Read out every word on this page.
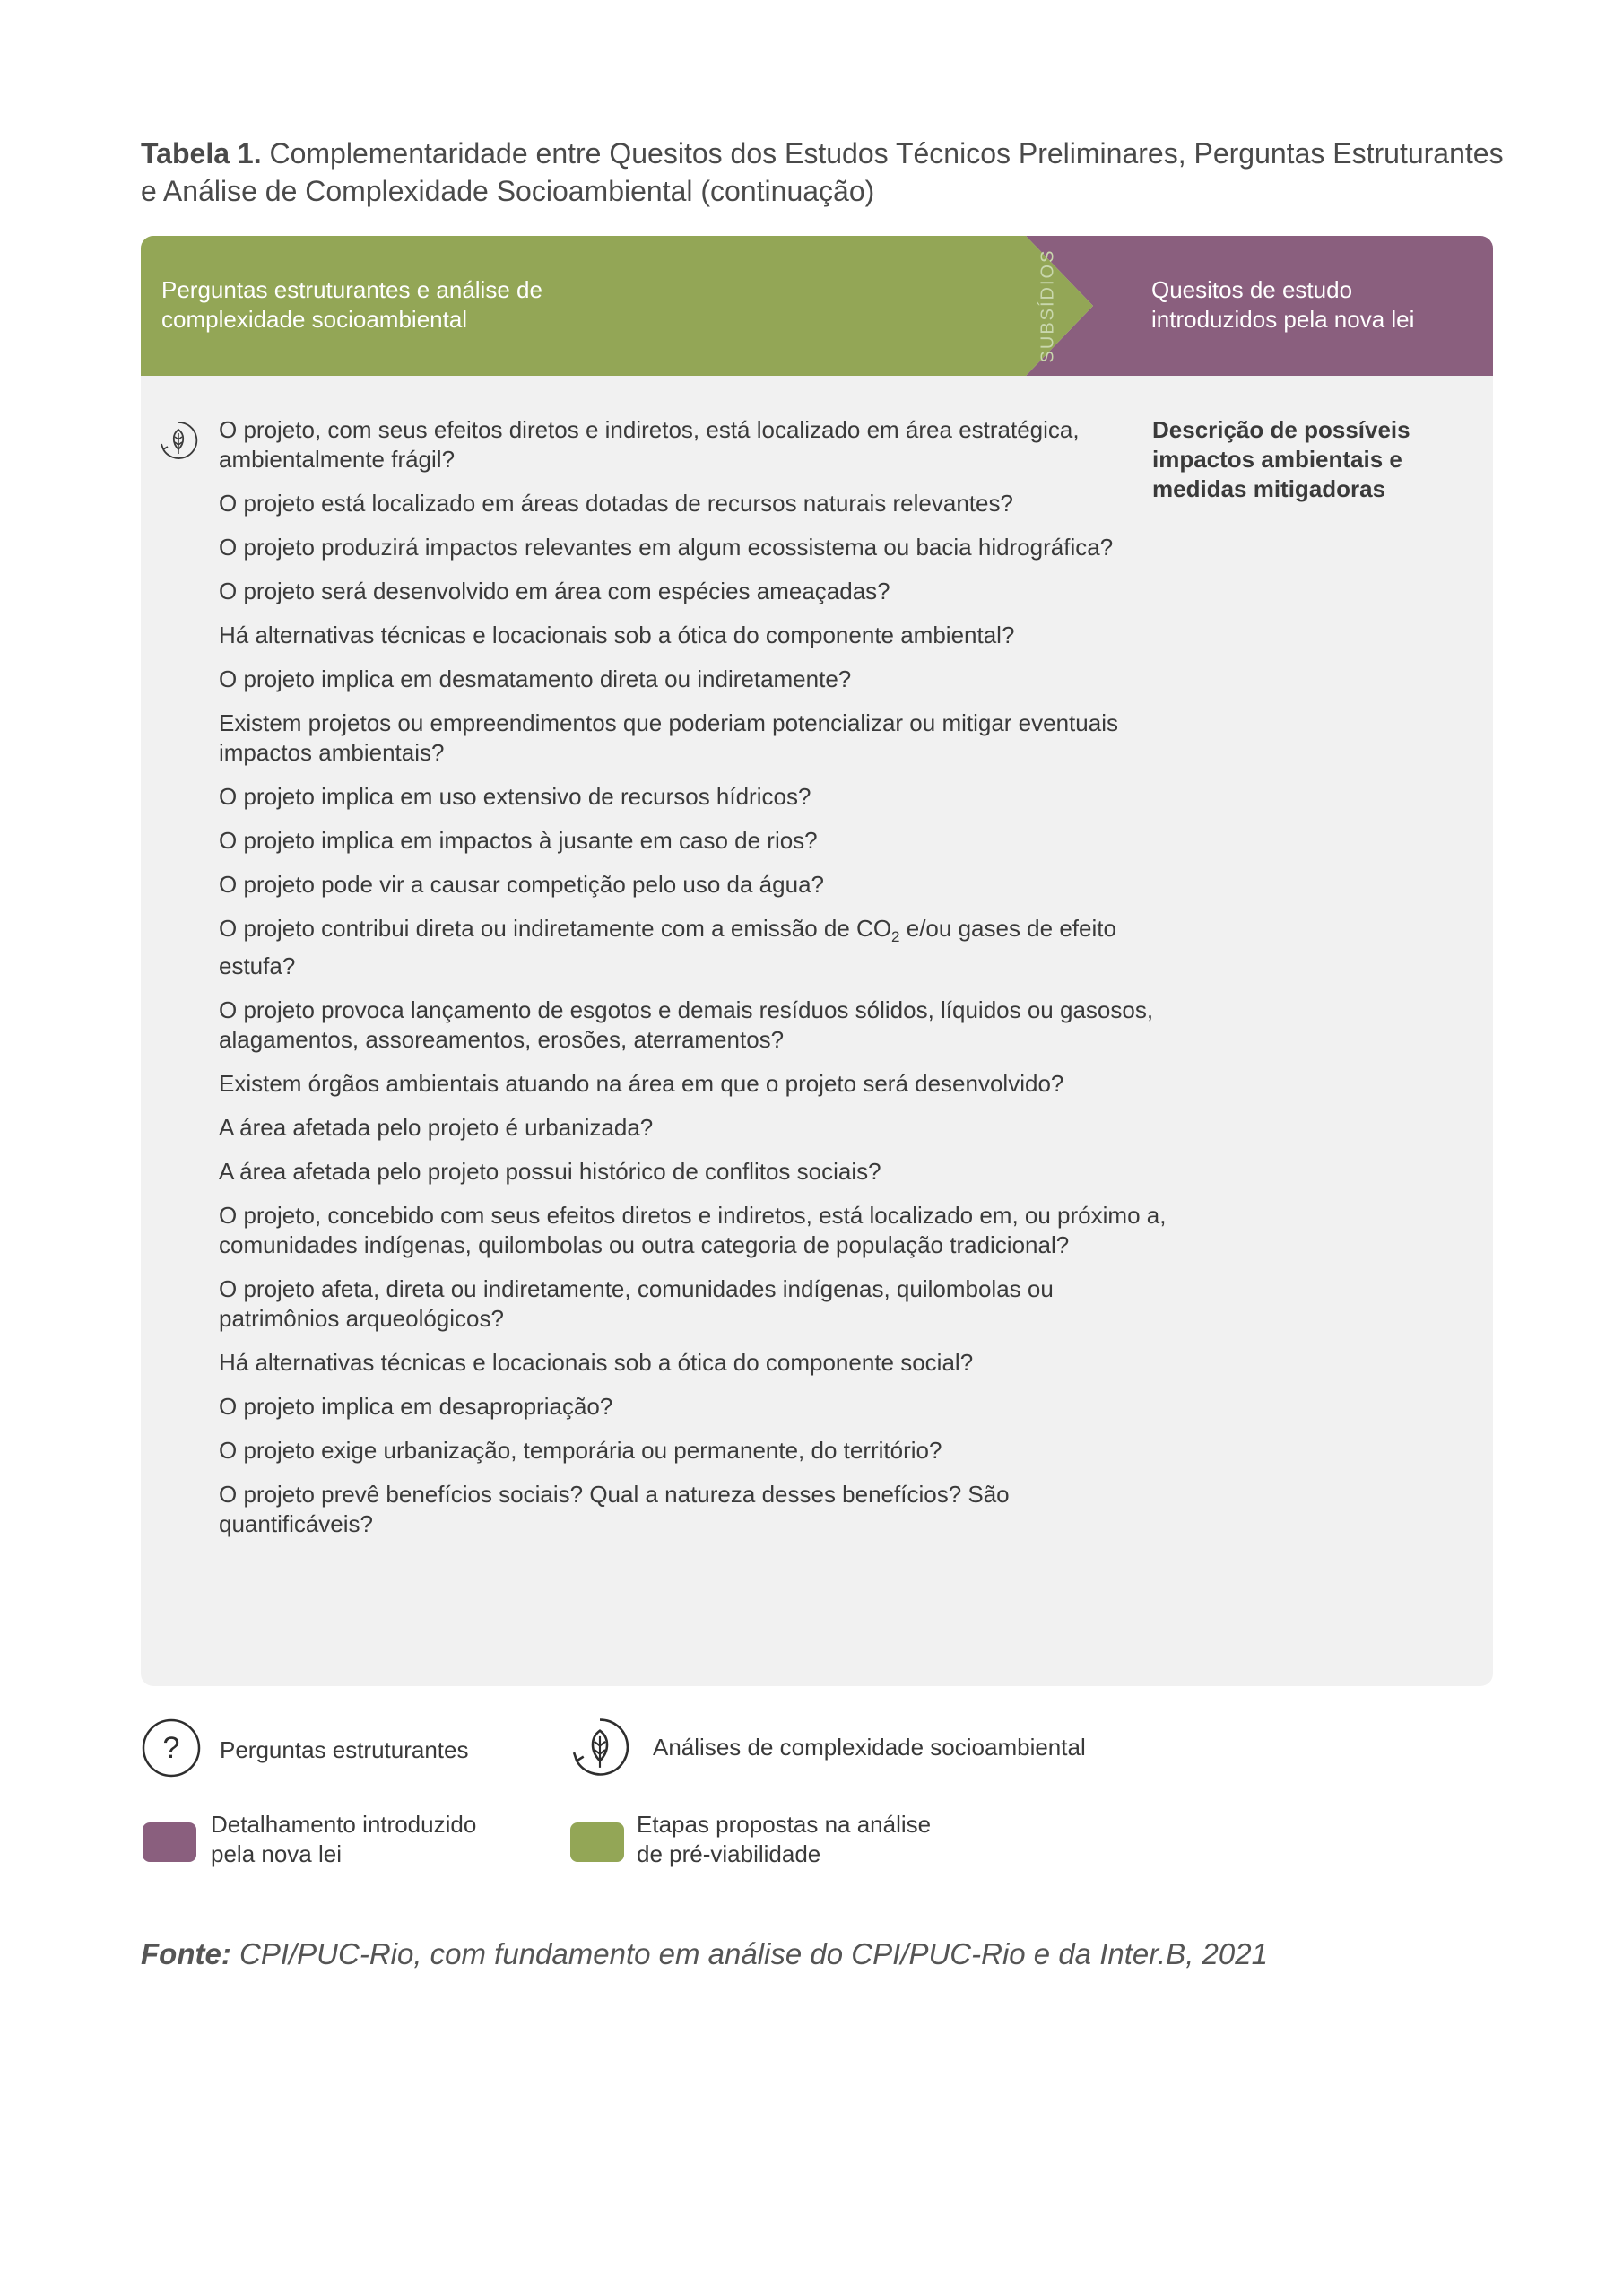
Tabela 1. Complementaridade entre Quesitos dos Estudos Técnicos Preliminares, Perguntas Estruturantes e Análise de Complexidade Socioambiental (continuação)
Perguntas estruturantes e análise de complexidade socioambiental	SUBSÍDIOS	Quesitos de estudo introduzidos pela nova lei
O projeto, com seus efeitos diretos e indiretos, está localizado em área estratégica, ambientalmente frágil?
O projeto está localizado em áreas dotadas de recursos naturais relevantes?
O projeto produzirá impactos relevantes em algum ecossistema ou bacia hidrográfica?
O projeto será desenvolvido em área com espécies ameaçadas?
Há alternativas técnicas e locacionais sob a ótica do componente ambiental?
O projeto implica em desmatamento direta ou indiretamente?
Existem projetos ou empreendimentos que poderiam potencializar ou mitigar eventuais impactos ambientais?
O projeto implica em uso extensivo de recursos hídricos?
O projeto implica em impactos à jusante em caso de rios?
O projeto pode vir a causar competição pelo uso da água?
O projeto contribui direta ou indiretamente com a emissão de $CO_2$ e/ou gases de efeito estufa?
O projeto provoca lançamento de esgotos e demais resíduos sólidos, líquidos ou gasosos, alagamentos, assoreamentos, erosões, aterramentos?
Existem órgãos ambientais atuando na área em que o projeto será desenvolvido?
A área afetada pelo projeto é urbanizada?
A área afetada pelo projeto possui histórico de conflitos sociais?
O projeto, concebido com seus efeitos diretos e indiretos, está localizado em, ou próximo a, comunidades indígenas, quilombolas ou outra categoria de população tradicional?
O projeto afeta, direta ou indiretamente, comunidades indígenas, quilombolas ou patrimônios arqueológicos?
Há alternativas técnicas e locacionais sob a ótica do componente social?
O projeto implica em desapropriação?
O projeto exige urbanização, temporária ou permanente, do território?
O projeto prevê benefícios sociais? Qual a natureza desses benefícios? São quantificáveis?
Descrição de possíveis impactos ambientais e medidas mitigadoras
? Perguntas estruturantes	Análises de complexidade socioambiental
Detalhamento introduzido pela nova lei
Etapas propostas na análise de pré-viabilidade
Fonte: CPI/PUC-Rio, com fundamento em análise do CPI/PUC-Rio e da Inter.B, 2021
